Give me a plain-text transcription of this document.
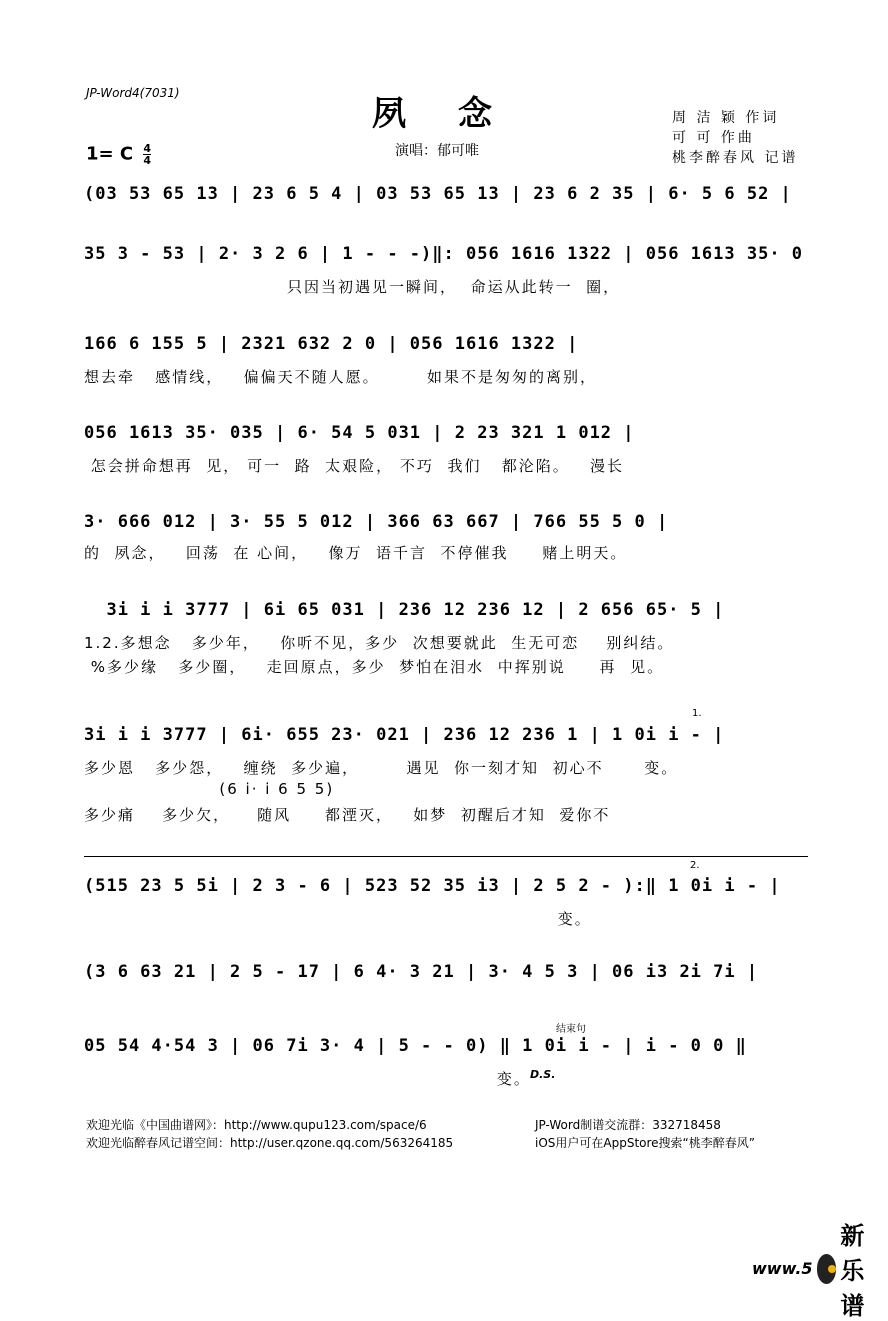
JP-Word4(7031)
夙念
1= C $\frac{4}{4}$	演唱：郁可唯
周 洁 颖 作词
可 可 作曲
桃李醉春风 记谱
(03 53 65 13 | 23 6 5 4 | 03 53 65 13 | 23 6 2 35 | 6· 5 6 52 |
35 3 - 53 | 2· 3 2 6 | 1 - - -)‖: 056 1616 1322 | 056 1613 35· 0
只因当初遇见一瞬间，  命运从此转一  圈，
166 6 155 5 | 2321 632 2 0 | 056 1616 1322 |
想去牵   感情线，   偏偏天不随人愿。       如果不是匆匆的离别，
056 1613 35· 035 | 6· 54 5 031 | 2 23 321 1 012 |
怎会拼命想再  见， 可一  路  太艰险， 不巧  我们   都沦陷。   漫长
3· 666 012 | 3· 55 5 012 | 366 63 667 | 766 55 5 0 |
的  夙念，   回荡  在 心间，   像万  语千言  不停催我     赌上明天。
3i i i 3777 | 6i 65 031 | 236 12 236 12 | 2 656 65· 5 |
1.2.多想念   多少年，   你听不见，多少  次想要就此  生无可恋    别纠结。
%多少缘   多少圈，   走回原点，多少  梦怕在泪水  中挥别说     再  见。
3i i i 3777 | 6i· 655 23· 021 | 236 12 236 1 | 1 0i i - |
1.
多少恩   多少怨，   缠绕  多少遍，       遇见  你一刻才知  初心不      变。
(6 i· i 6 5 5)
多少痛    多少欠，    随风     都湮灭，   如梦  初醒后才知  爱你不
(515 23 5 5i | 2 3 - 6 | 523 52 35 i3 | 2 5 2 - ):‖ 1 0i i - |
2.
变。
(3 6 63 21 | 2 5 - 17 | 6 4· 3 21 | 3· 4 5 3 | 06 i3 2i 7i |
05 54 4·54 3 | 06 7i 3· 4 | 5 - - 0) ‖ 1 0i i - | i - 0 0 ‖
结束句
D.S.
变。
欢迎光临《中国曲谱网》：http://www.qupu123.com/space/6
欢迎光临醉春风记谱空间：http://user.qzone.qq.com/563264185
JP-Word制谱交流群：332718458
iOS用户可在AppStore搜索“桃李醉春风”
www.5
新乐谱
